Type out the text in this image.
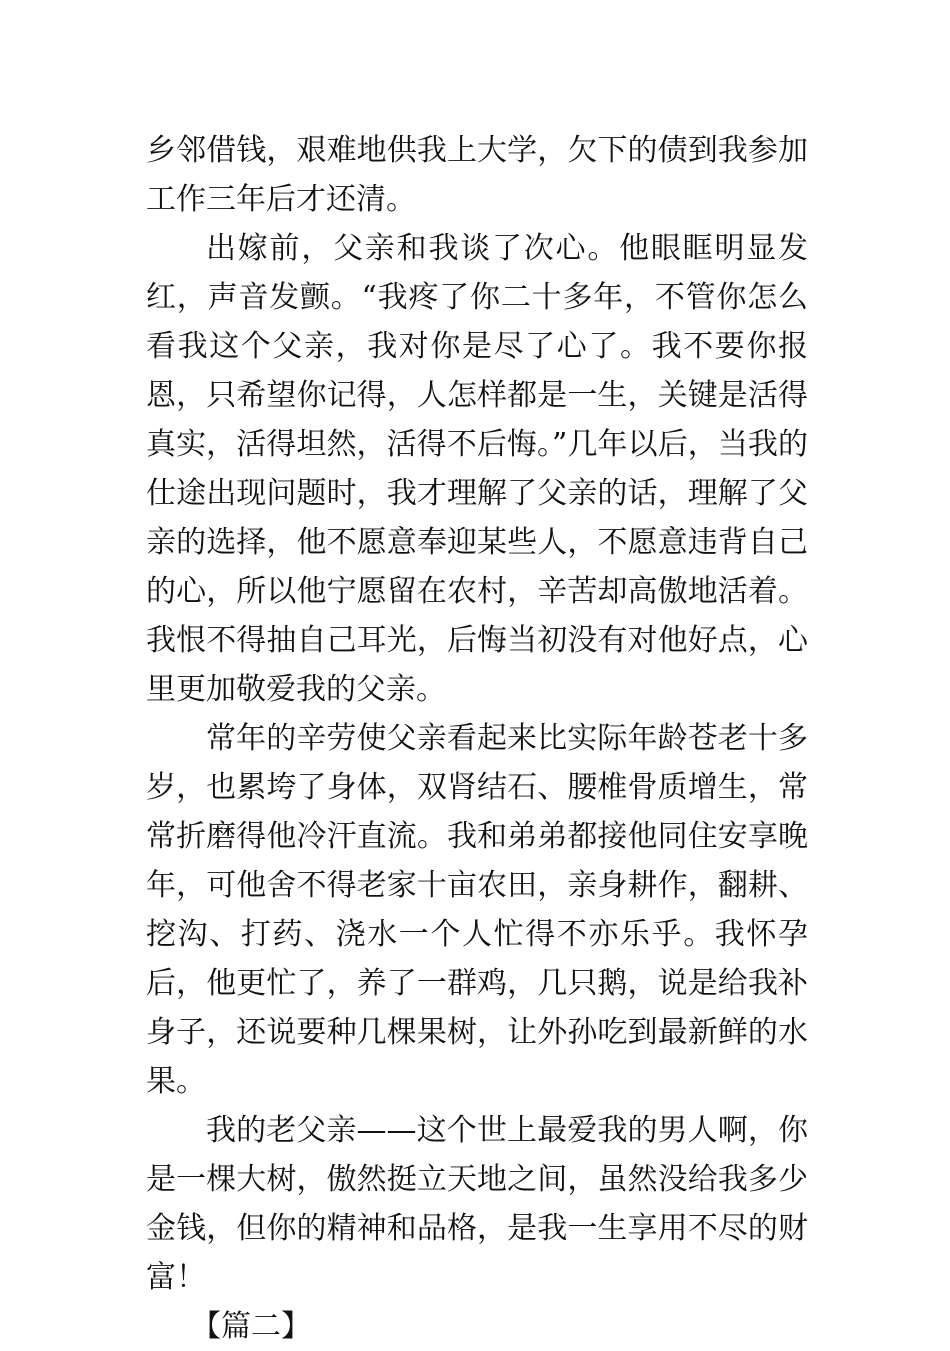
乡邻借钱，艰难地供我上大学，欠下的债到我参加工作三年后才还清。

出嫁前，父亲和我谈了次心。他眼眶明显发红，声音发颤。“我疼了你二十多年，不管你怎么看我这个父亲，我对你是尽了心了。我不要你报恩，只希望你记得，人怎样都是一生，关键是活得真实，活得坦然，活得不后悔。”几年以后，当我的仕途出现问题时，我才理解了父亲的话，理解了父亲的选择，他不愿意奉迎某些人，不愿意违背自己的心，所以他宁愿留在农村，辛苦却高傲地活着。我恨不得抽自己耳光，后悔当初没有对他好点，心里更加敬爱我的父亲。

常年的辛劳使父亲看起来比实际年龄苍老十多岁，也累垮了身体，双肾结石、腰椎骨质增生，常常折磨得他冷汗直流。我和弟弟都接他同住安享晚年，可他舍不得老家十亩农田，亲身耕作，翻耕、挖沟、打药、浇水一个人忙得不亦乐乎。我怀孕后，他更忙了，养了一群鸡，几只鹅，说是给我补身子，还说要种几棵果树，让外孙吃到最新鲜的水果。

我的老父亲——这个世上最爱我的男人啊，你是一棵大树，傲然挺立天地之间，虽然没给我多少金钱，但你的精神和品格，是我一生享用不尽的财富！

【篇二】
